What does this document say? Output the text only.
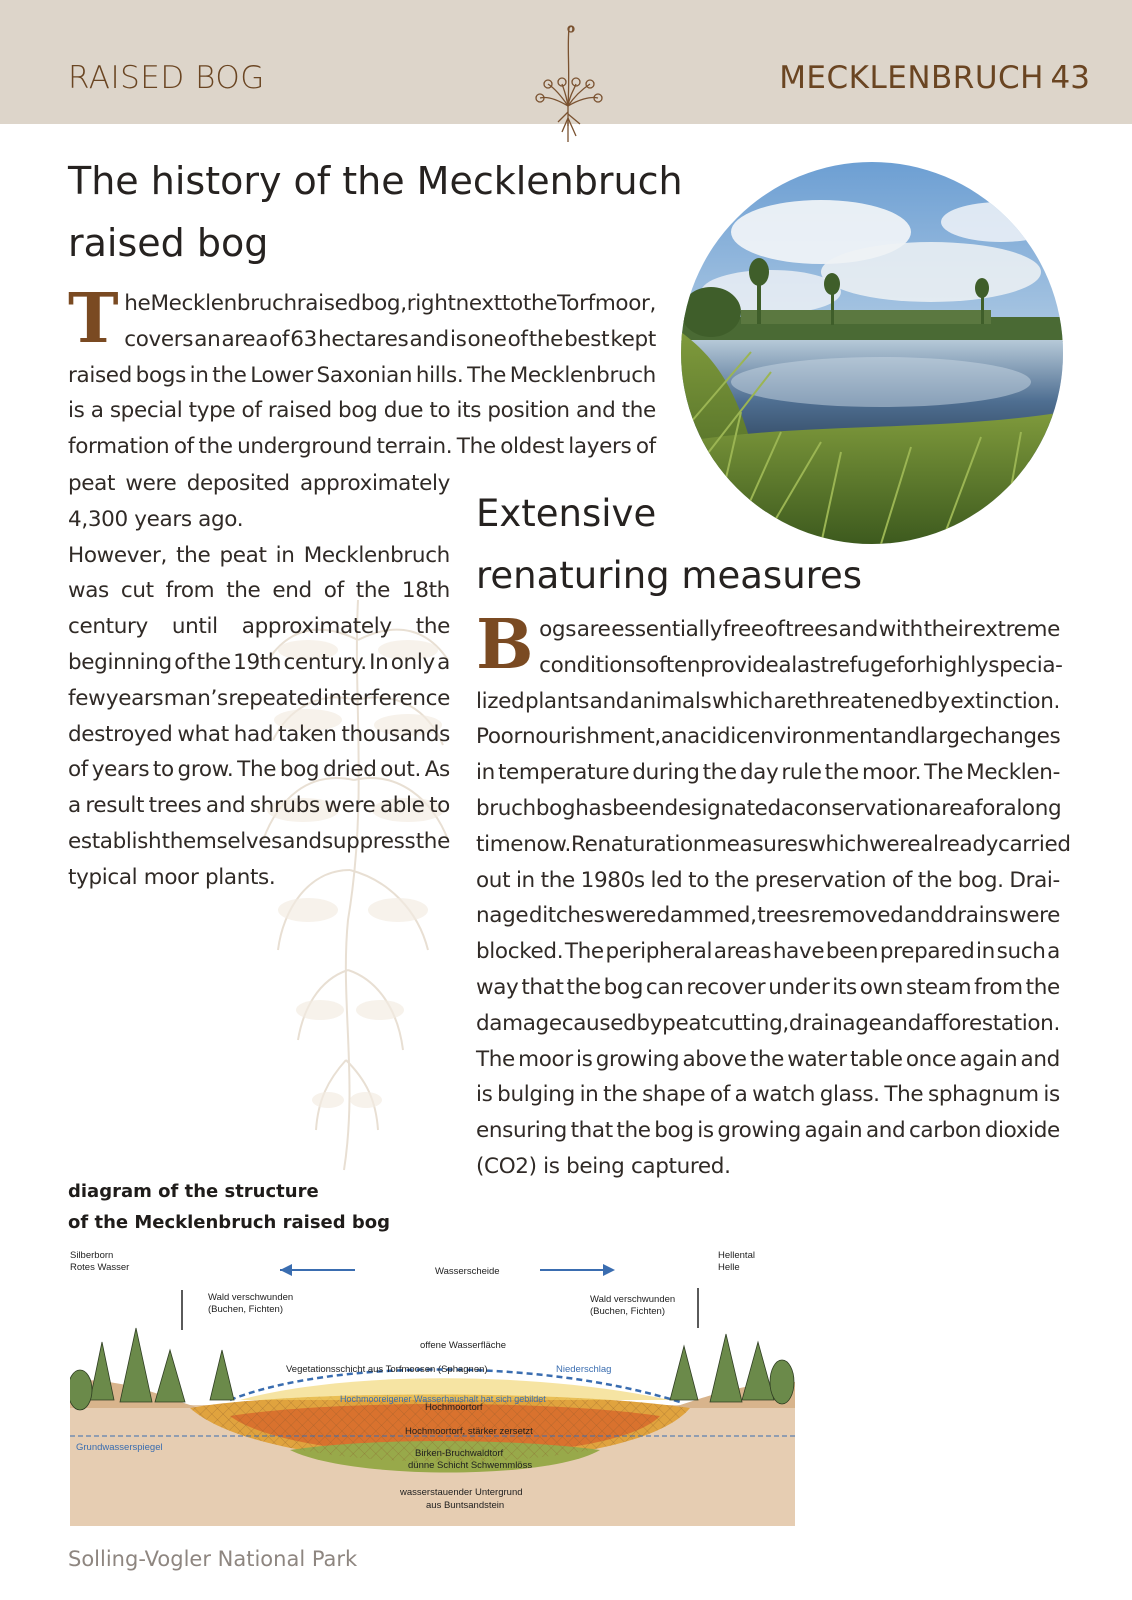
RAISED BOG	MECKLENBRUCH 43
The history of the Mecklenbruch
raised bog
T he Mecklenbruch raised bog, right next to the Torfmoor,
covers an area of 63 hectares and is one of the best kept
raised bogs in the Lower Saxonian hills. The Mecklenbruch
is a special type of raised bog due to its position and the
formation of the underground terrain. The oldest layers of
peat were deposited approximately
4,300 years ago.
However, the peat in Mecklenbruch
was cut from the end of the 18th
century until approximately the
beginning of the 19th century. In only a
few years man’s repeated interference
destroyed what had taken thousands
of years to grow. The bog dried out. As
a result trees and shrubs were able to
establish themselves and suppress the
typical moor plants.
Extensive
renaturing measures
B ogs are essentially free of trees and with their extreme
conditions often provide a last refuge for highly specia-
lized plants and animals which are threatened by extinction.
Poor nourishment, an acidic environment and large changes
in temperature during the day rule the moor. The Mecklen-
bruch bog has been designated a conservation area for a long
time now. Renaturation measures which were already carried
out in the 1980s led to the preservation of the bog. Drai-
nage ditches were dammed, trees removed and drains were
blocked. The peripheral areas have been prepared in such a
way that the bog can recover under its own steam from the
damage caused by peat cutting, drainage and afforestation.
The moor is growing above the water table once again and
is bulging in the shape of a watch glass. The sphagnum is
ensuring that the bog is growing again and carbon dioxide
(CO2) is being captured.
diagram of the structure
of the Mecklenbruch raised bog
Silberborn
Rotes Wasser
Hellental
Helle
Wasserscheide
Wald verschwunden
(Buchen, Fichten)
Wald verschwunden
(Buchen, Fichten)
offene Wasserfläche
Vegetationsschicht aus Torfmoosen (Sphagnen)	Niederschlag
Hochmooreigener Wasserhaushalt hat sich gebildet
Hochmoortorf
Hochmoortorf, stärker zersetzt
Grundwasserspiegel
Birken-Bruchwaldtorf
dünne Schicht Schwemmlöss
wasserstauender Untergrund
aus Buntsandstein
Solling-Vogler National Park
